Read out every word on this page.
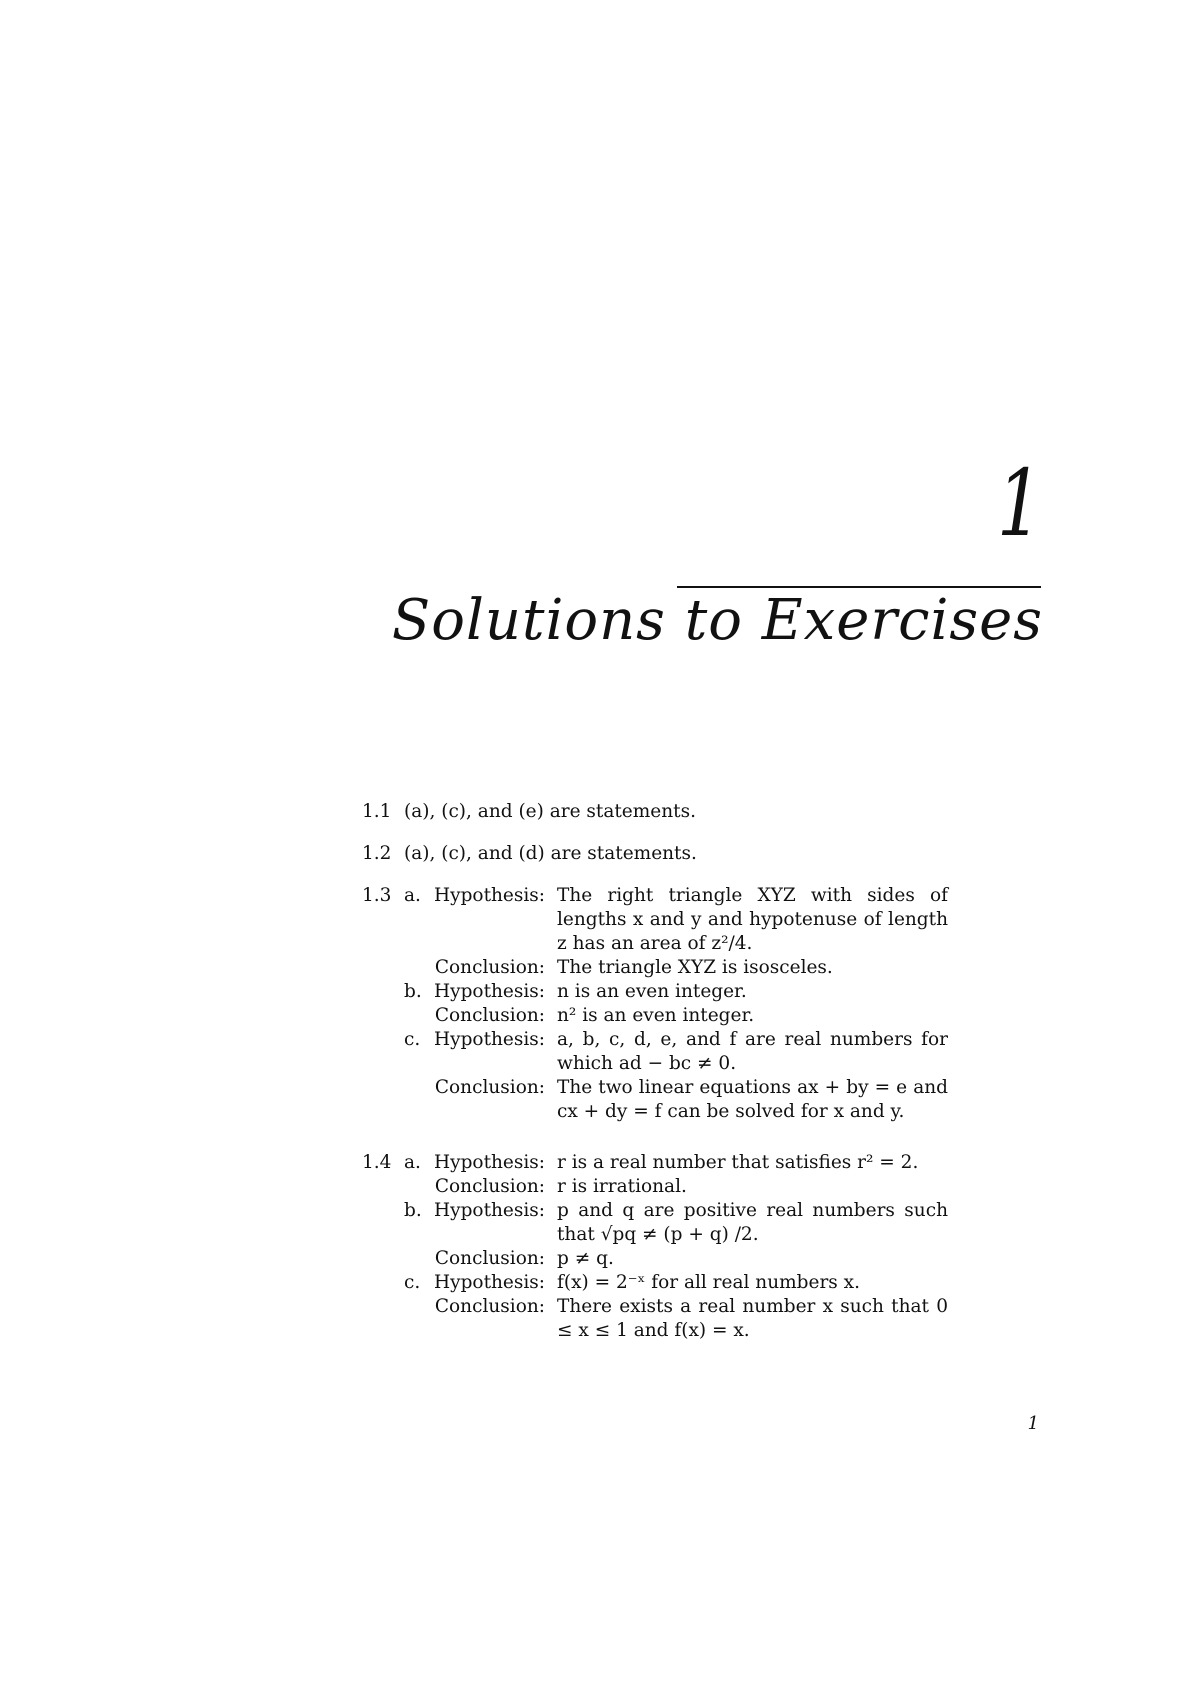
1
Solutions to Exercises
1.1 (a), (c), and (e) are statements.
1.2 (a), (c), and (d) are statements.
1.3 a. Hypothesis: The right triangle XYZ with sides of lengths x and y and hypotenuse of length z has an area of z²/4.
Conclusion: The triangle XYZ is isosceles.
b. Hypothesis: n is an even integer.
Conclusion: n² is an even integer.
c. Hypothesis: a, b, c, d, e, and f are real numbers for which ad − bc ≠ 0.
Conclusion: The two linear equations ax + by = e and cx + dy = f can be solved for x and y.
1.4 a. Hypothesis: r is a real number that satisfies r² = 2.
Conclusion: r is irrational.
b. Hypothesis: p and q are positive real numbers such that √pq ≠ (p + q) /2.
Conclusion: p ≠ q.
c. Hypothesis: f(x) = 2⁻ˣ for all real numbers x.
Conclusion: There exists a real number x such that 0 ≤ x ≤ 1 and f(x) = x.
1
